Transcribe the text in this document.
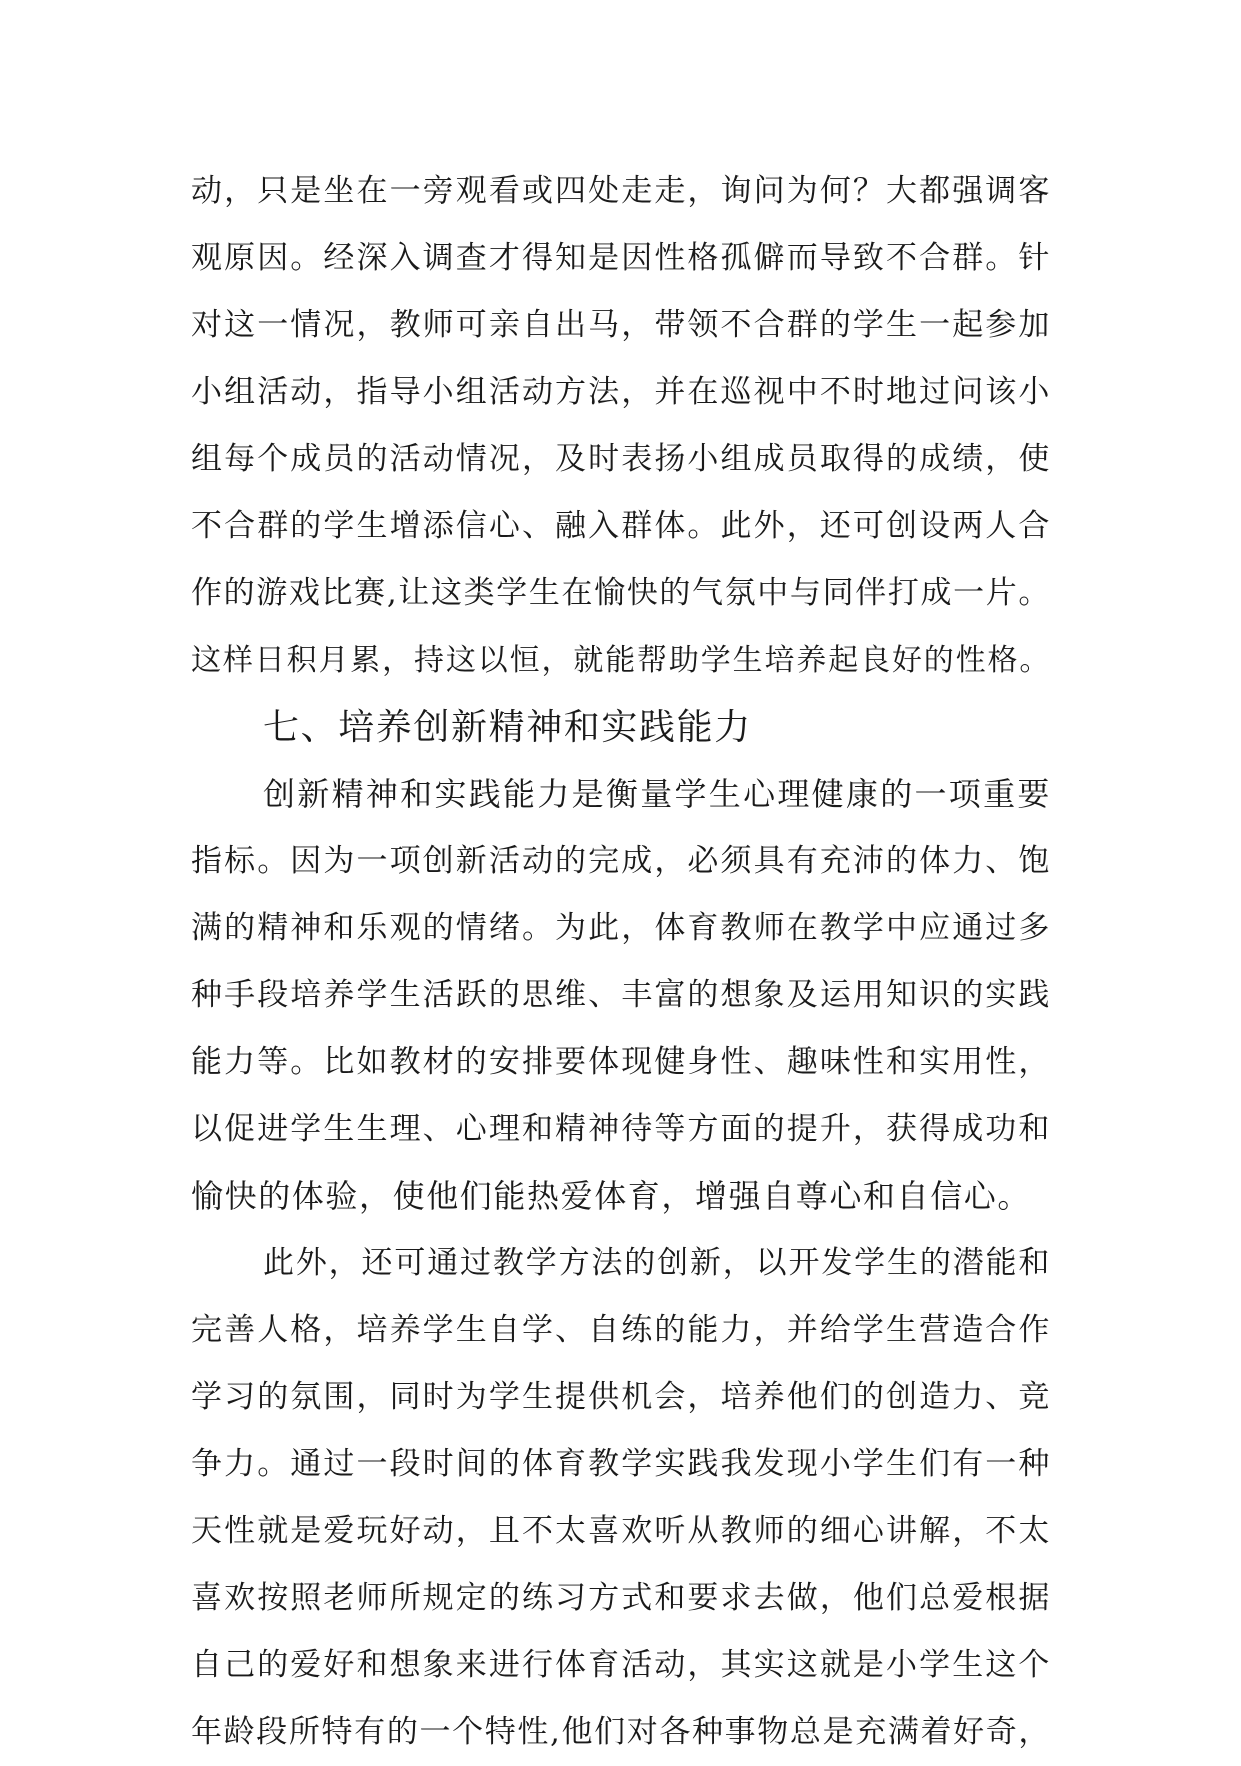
动，只是坐在一旁观看或四处走走，询问为何？大都强调客
观原因。经深入调查才得知是因性格孤僻而导致不合群。针
对这一情况，教师可亲自出马，带领不合群的学生一起参加
小组活动，指导小组活动方法，并在巡视中不时地过问该小
组每个成员的活动情况，及时表扬小组成员取得的成绩，使
不合群的学生增添信心、融入群体。此外，还可创设两人合
作的游戏比赛,让这类学生在愉快的气氛中与同伴打成一片。
这样日积月累，持这以恒，就能帮助学生培养起良好的性格。
七、培养创新精神和实践能力
创新精神和实践能力是衡量学生心理健康的一项重要
指标。因为一项创新活动的完成，必须具有充沛的体力、饱
满的精神和乐观的情绪。为此，体育教师在教学中应通过多
种手段培养学生活跃的思维、丰富的想象及运用知识的实践
能力等。比如教材的安排要体现健身性、趣味性和实用性，
以促进学生生理、心理和精神待等方面的提升，获得成功和
愉快的体验，使他们能热爱体育，增强自尊心和自信心。
此外，还可通过教学方法的创新，以开发学生的潜能和
完善人格，培养学生自学、自练的能力，并给学生营造合作
学习的氛围，同时为学生提供机会，培养他们的创造力、竞
争力。通过一段时间的体育教学实践我发现小学生们有一种
天性就是爱玩好动，且不太喜欢听从教师的细心讲解，不太
喜欢按照老师所规定的练习方式和要求去做，他们总爱根据
自己的爱好和想象来进行体育活动，其实这就是小学生这个
年龄段所特有的一个特性,他们对各种事物总是充满着好奇，
